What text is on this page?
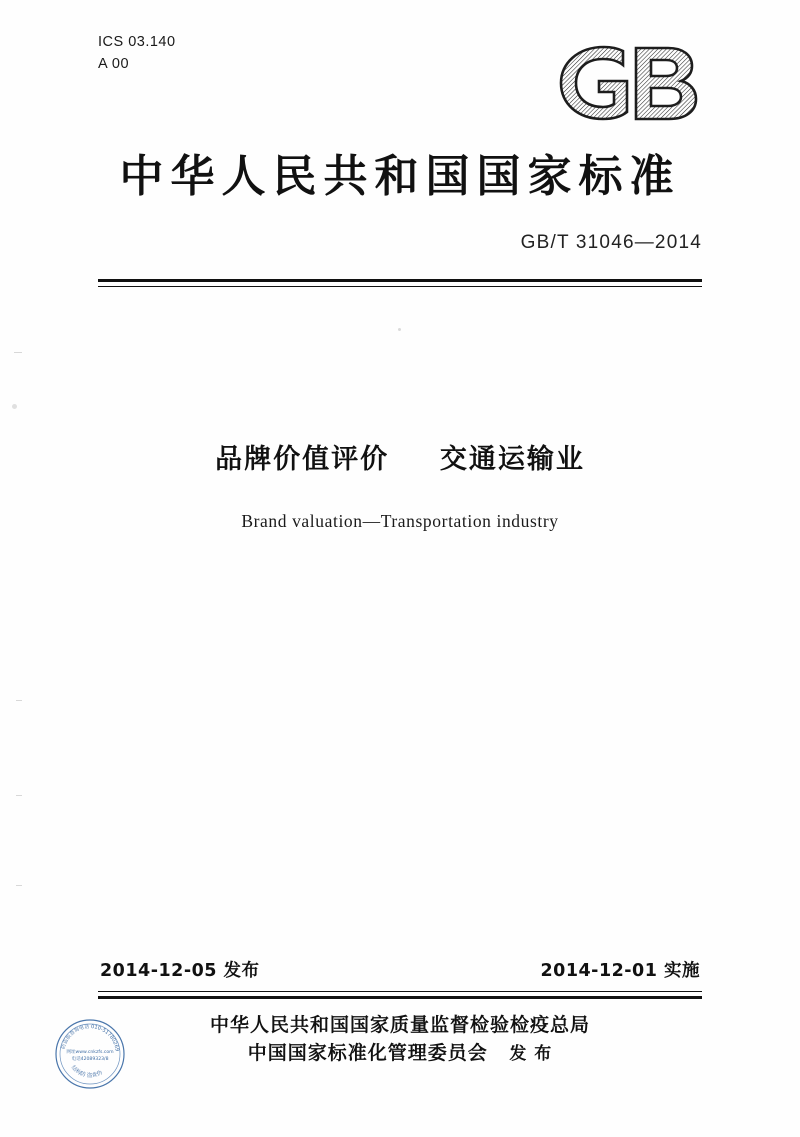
ICS 03.140
A 00
中华人民共和国国家标准
GB/T 31046—2014
品牌价值评价 交通运输业
Brand valuation—Transportation industry
2014-12-05 发布	2014-12-01 实施
中华人民共和国国家质量监督检验检疫总局
中国国家标准化管理委员会 发 布
防盗版查询电话 010-51780269
结构防 盗查伪
网址www.cnkzfs.com
电话42089323/8
